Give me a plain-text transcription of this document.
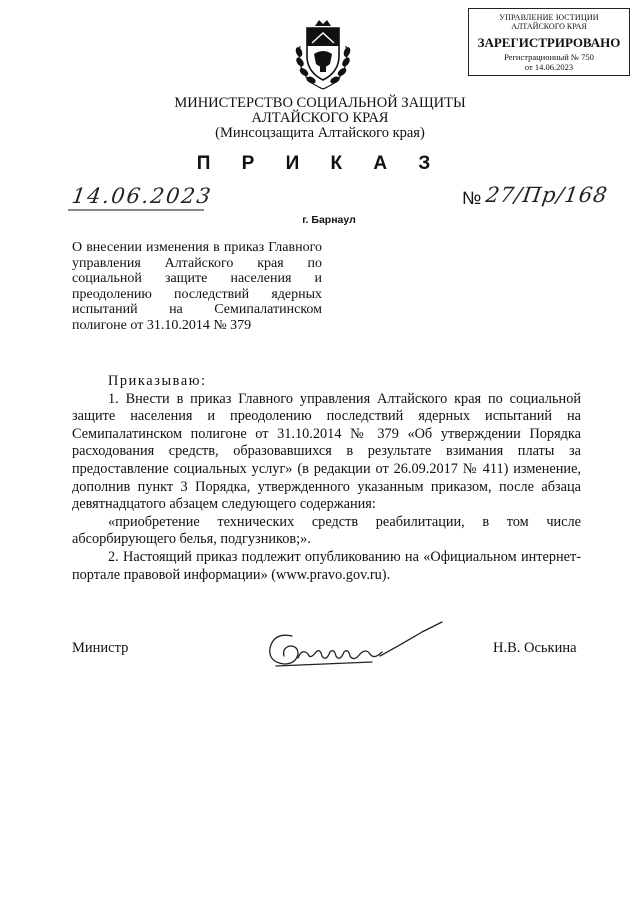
УПРАВЛЕНИЕ ЮСТИЦИИ
АЛТАЙСКОГО КРАЯ
ЗАРЕГИСТРИРОВАНО
Регистрационный № 750
от 14.06.2023
МИНИСТЕРСТВО СОЦИАЛЬНОЙ ЗАЩИТЫ
АЛТАЙСКОГО КРАЯ
(Минсоцзащита Алтайского края)
П Р И К А З
14.06.2023	№ 27/Пр/168
г. Барнаул
О внесении изменения в приказ Главного управления Алтайского края по социальной защите населения и преодолению последствий ядерных испытаний на Семипалатинском полигоне от 31.10.2014 № 379

Приказываю:

1. Внести в приказ Главного управления Алтайского края по социальной защите населения и преодолению последствий ядерных испытаний на Семипалатинском полигоне от 31.10.2014 № 379 «Об утверждении Порядка расходования средств, образовавшихся в результате взимания платы за предоставление социальных услуг» (в редакции от 26.09.2017 № 411) изменение, дополнив пункт 3 Порядка, утвержденного указанным приказом, после абзаца девятнадцатого абзацем следующего содержания:

«приобретение технических средств реабилитации, в том числе абсорбирующего белья, подгузников;».

2. Настоящий приказ подлежит опубликованию на «Официальном интернет-портале правовой информации» (www.pravo.gov.ru).

Министр	Н.В. Оськина
